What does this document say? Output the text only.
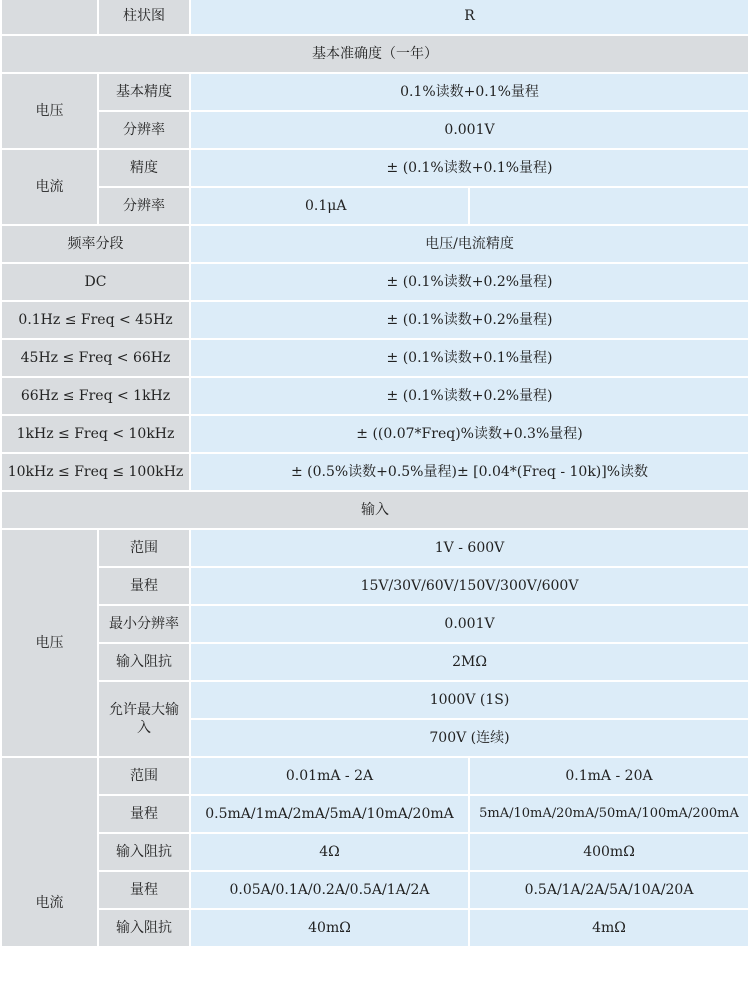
	柱状图	R	
基本准确度（一年）			
电压	基本精度	0.1%读数+0.1%量程	
	分辨率	0.001V	
电流	精度	± (0.1%读数+0.1%量程)	
	分辨率	0.1μA	
频率分段		电压/电流精度	
DC		± (0.1%读数+0.2%量程)	
0.1Hz ≤ Freq < 45Hz		± (0.1%读数+0.2%量程)	
45Hz ≤ Freq < 66Hz		± (0.1%读数+0.1%量程)	
66Hz ≤ Freq < 1kHz		± (0.1%读数+0.2%量程)	
1kHz ≤ Freq < 10kHz		± ((0.07*Freq)%读数+0.3%量程)	
10kHz ≤ Freq ≤ 100kHz		± (0.5%读数+0.5%量程)± [0.04*(Freq - 10k)]%读数	
输入			
电压	范围	1V - 600V	
	量程	15V/30V/60V/150V/300V/600V	
	最小分辨率	0.001V	
	输入阻抗	2MΩ	
	允许最大输入	1000V (1S)	
		700V (连续)	
电流	范围	0.01mA - 2A	0.1mA - 20A
	量程	0.5mA/1mA/2mA/5mA/10mA/20mA	5mA/10mA/20mA/50mA/100mA/200mA
	输入阻抗	4Ω	400mΩ
	量程	0.05A/0.1A/0.2A/0.5A/1A/2A	0.5A/1A/2A/5A/10A/20A
	输入阻抗	40mΩ	4mΩ
